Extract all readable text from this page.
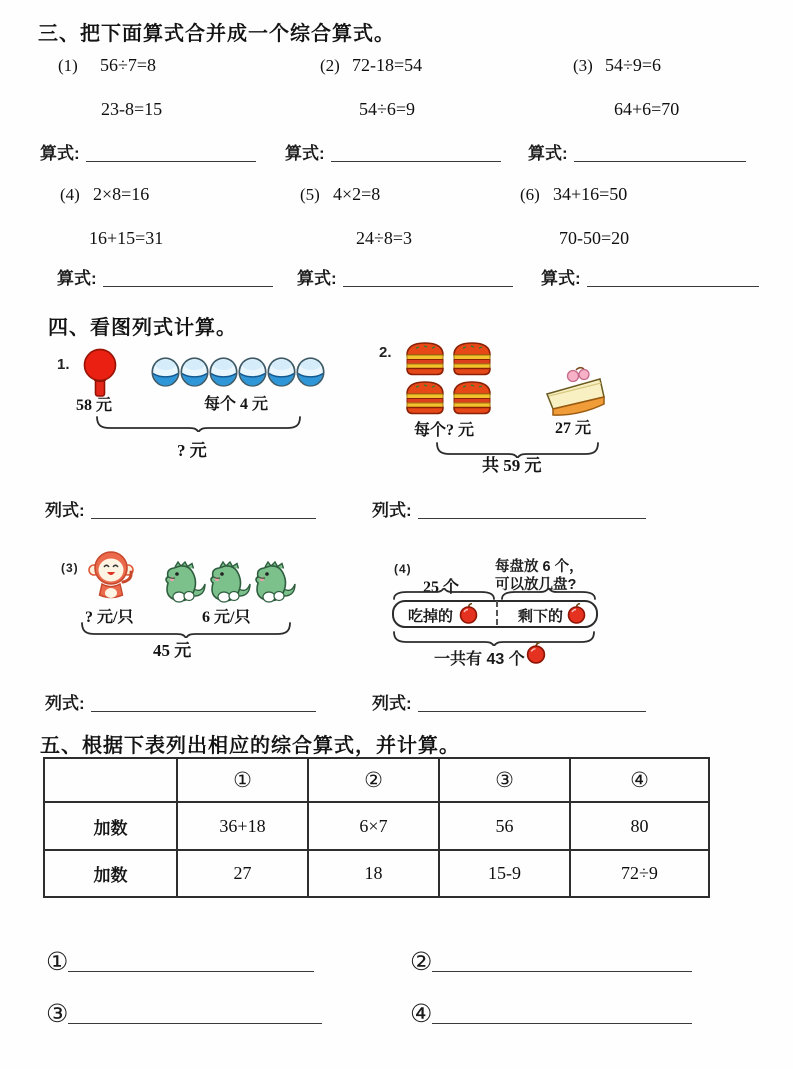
三、把下面算式合并成一个综合算式。
(1) 56÷7=8	(2) 72-18=54	(3) 54÷9=6
23-8=15	54÷6=9	64+6=70
算式:	算式:	算式:
(4) 2×8=16	(5) 4×2=8	(6) 34+16=50
16+15=31	24÷8=3	70-50=20
算式:	算式:	算式:
四、看图列式计算。
1.
58 元	每个 4 元
? 元
2.
每个? 元	27 元
共 59 元
列式:	列式:
(3)
? 元/只	6 元/只
45 元
(4)
25 个
每盘放 6 个，
可以放几盘?
吃掉的	剩下的
一共有 43 个
列式:	列式:
五、根据下表列出相应的综合算式，并计算。
	①	②	③	④
加数	36+18	6×7	56	80
加数	27	18	15-9	72÷9
①	②
③	④
